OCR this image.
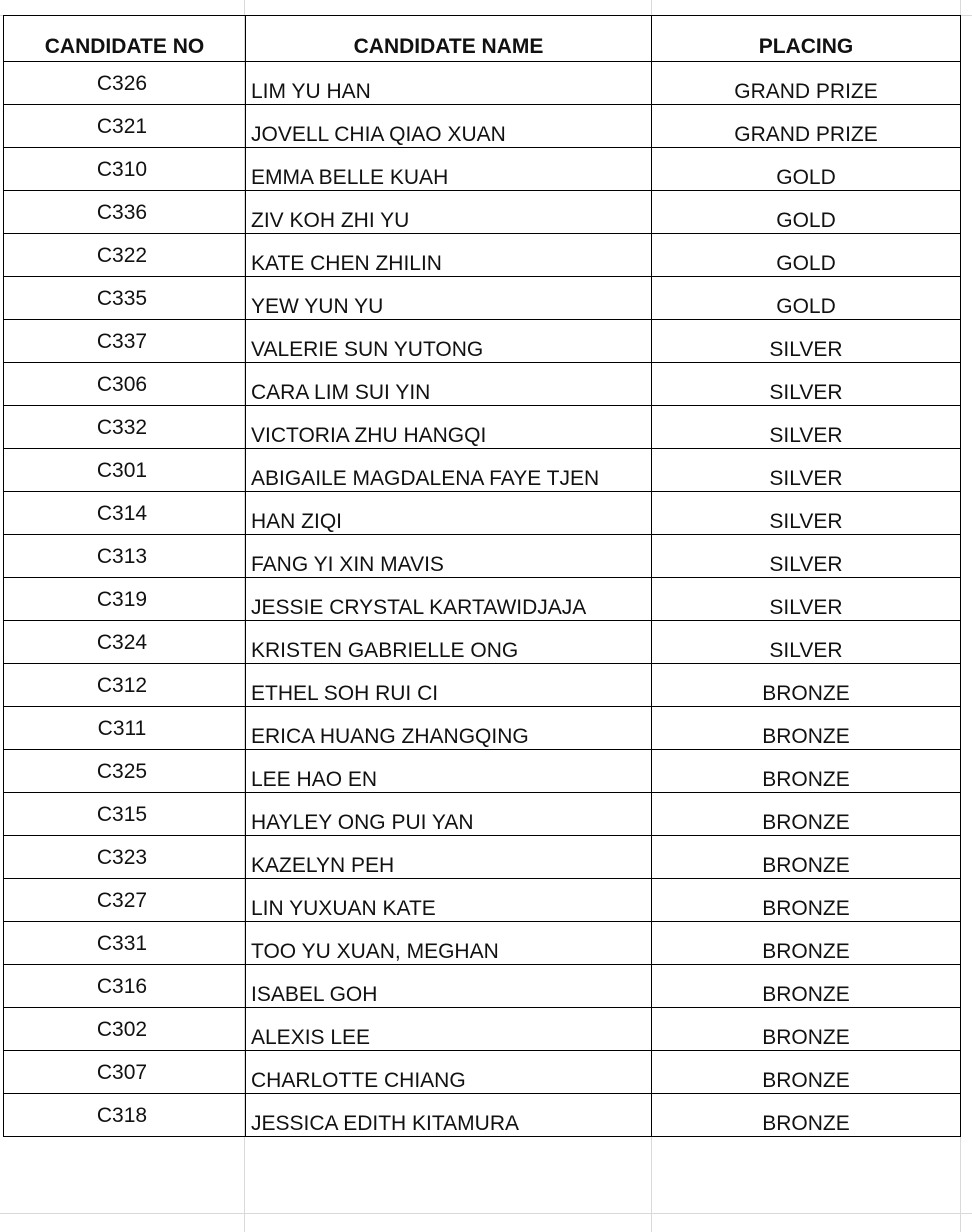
CANDIDATE NO	CANDIDATE NAME	PLACING
C326	LIM YU HAN	GRAND PRIZE
C321	JOVELL CHIA QIAO XUAN	GRAND PRIZE
C310	EMMA BELLE KUAH	GOLD
C336	ZIV KOH ZHI YU	GOLD
C322	KATE CHEN ZHILIN	GOLD
C335	YEW YUN YU	GOLD
C337	VALERIE SUN YUTONG	SILVER
C306	CARA LIM SUI YIN	SILVER
C332	VICTORIA ZHU HANGQI	SILVER
C301	ABIGAILE MAGDALENA FAYE TJEN	SILVER
C314	HAN ZIQI	SILVER
C313	FANG YI XIN MAVIS	SILVER
C319	JESSIE CRYSTAL KARTAWIDJAJA	SILVER
C324	KRISTEN GABRIELLE ONG	SILVER
C312	ETHEL SOH RUI CI	BRONZE
C311	ERICA HUANG ZHANGQING	BRONZE
C325	LEE HAO EN	BRONZE
C315	HAYLEY ONG PUI YAN	BRONZE
C323	KAZELYN PEH	BRONZE
C327	LIN YUXUAN KATE	BRONZE
C331	TOO YU XUAN, MEGHAN	BRONZE
C316	ISABEL GOH	BRONZE
C302	ALEXIS LEE	BRONZE
C307	CHARLOTTE CHIANG	BRONZE
C318	JESSICA EDITH KITAMURA	BRONZE
